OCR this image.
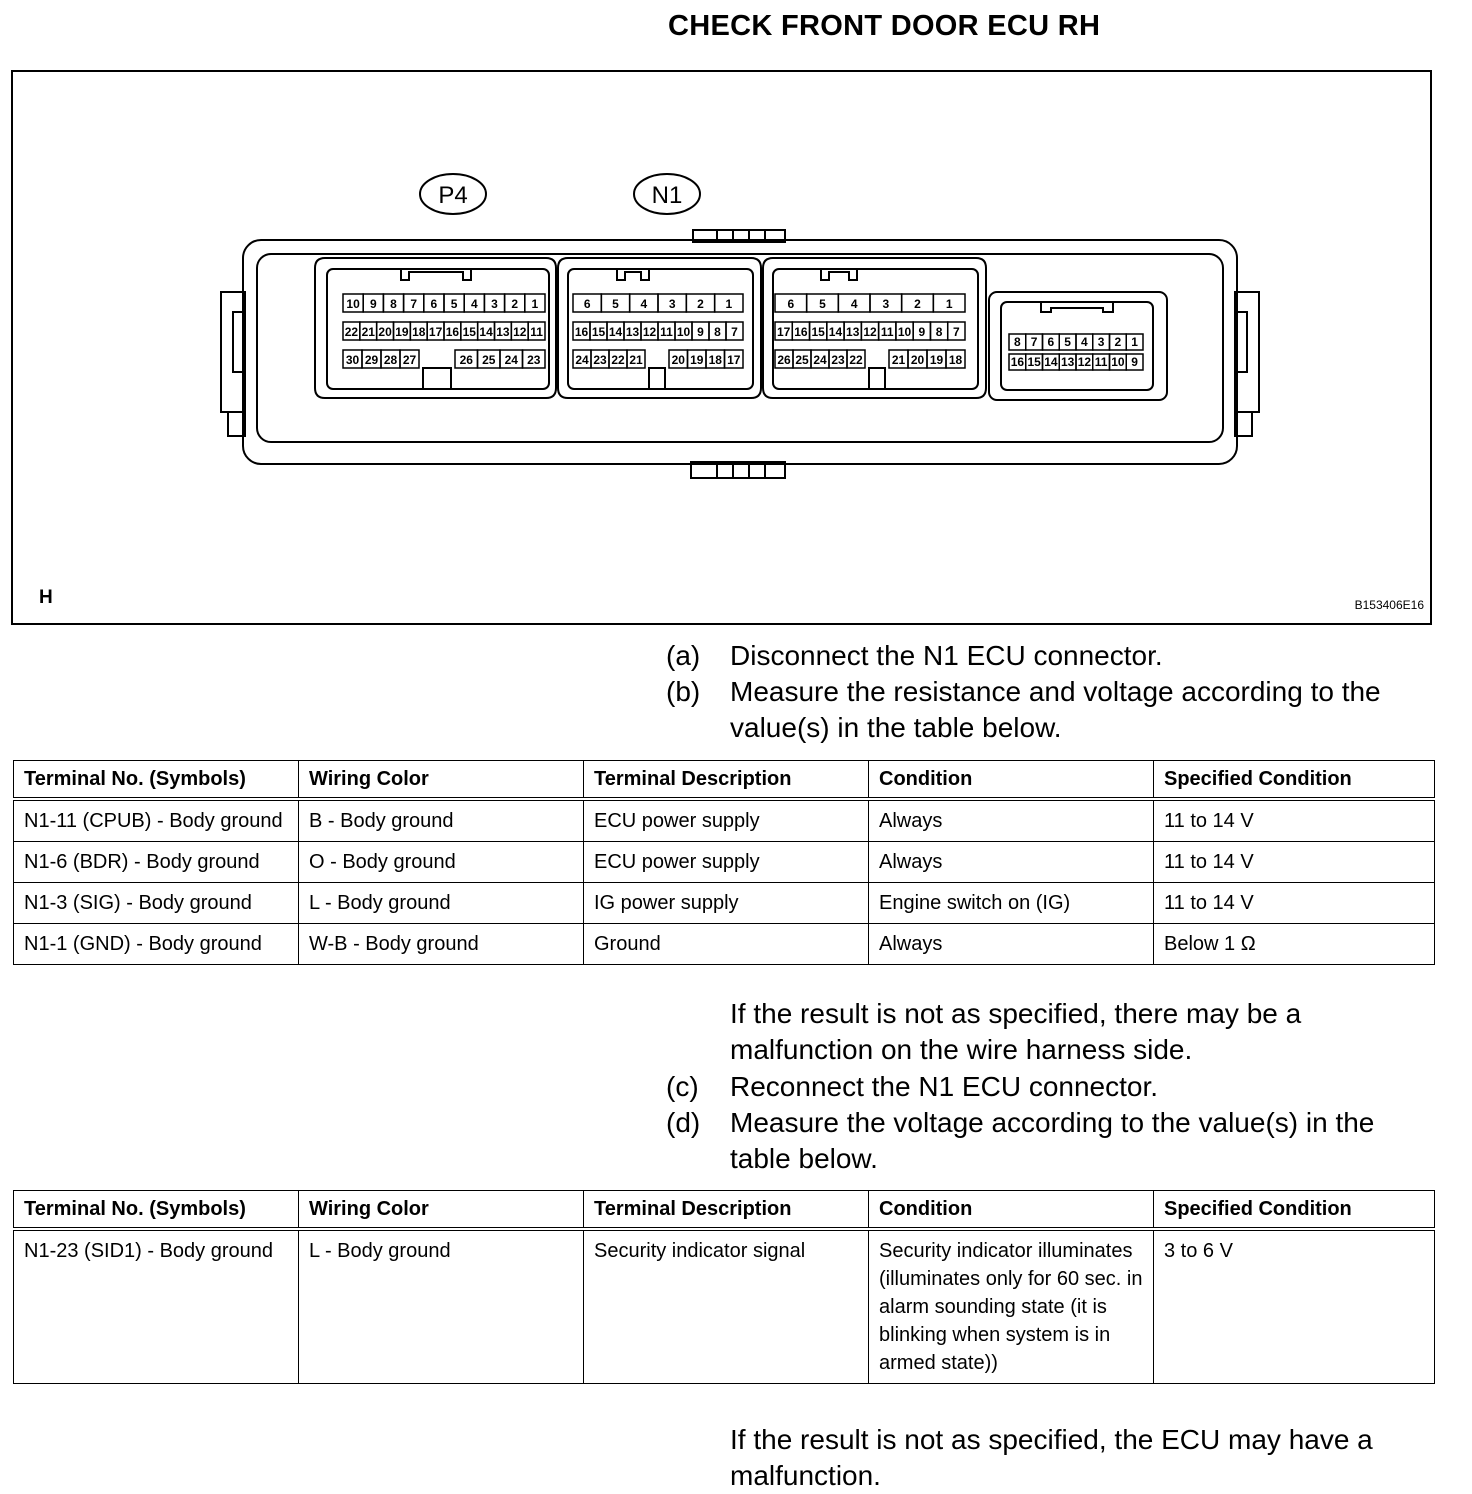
CHECK FRONT DOOR ECU RH
10 9 8 7 6 5 4 3 2 1
22 21 20 19 18 17 16 15 14 13 12 11
30 29 28 27	26 25 24 23
6 5 4 3 2 1
16 15 14 13 12 11 10 9 8 7
24 23 22 21 20 19 18 17
6 5 4 3 2 1
17 16 15 14 13 12 11 10 9 8 7
26 25 24 23 22 21 20 19 18
8 7 6 5 4 3 2 1
16 15 14 13 12 11 10 9
P4	N1
H	B153406E16
(a)	Disconnect the N1 ECU connector.
(b)	Measure the resistance and voltage according to the value(s) in the table below.
Terminal No. (Symbols)	Wiring Color	Terminal Description	Condition	Specified Condition
N1-11 (CPUB) - Body ground	B - Body ground	ECU power supply	Always	11 to 14 V
N1-6 (BDR) - Body ground	O - Body ground	ECU power supply	Always	11 to 14 V
N1-3 (SIG) - Body ground	L - Body ground	IG power supply	Engine switch on (IG)	11 to 14 V
N1-1 (GND) - Body ground	W-B - Body ground	Ground	Always	Below 1 Ω
If the result is not as specified, there may be a malfunction on the wire harness side.
(c)	Reconnect the N1 ECU connector.
(d)	Measure the voltage according to the value(s) in the table below.
Terminal No. (Symbols)	Wiring Color	Terminal Description	Condition	Specified Condition
N1-23 (SID1) - Body ground	L - Body ground	Security indicator signal	Security indicator illuminates (illuminates only for 60 sec. in alarm sounding state (it is blinking when system is in armed state))	3 to 6 V
If the result is not as specified, the ECU may have a malfunction.
